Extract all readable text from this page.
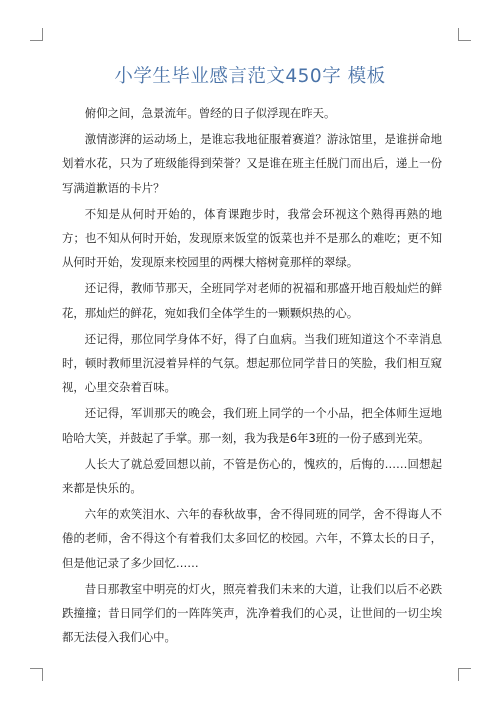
小学生毕业感言范文450字 模板

俯仰之间，急景流年。曾经的日子似浮现在昨天。

激情澎湃的运动场上，是谁忘我地征服着赛道？游泳馆里，是谁拼命地划着水花，只为了班级能得到荣誉？又是谁在班主任脱门而出后，递上一份写满道歉语的卡片？

不知是从何时开始的，体育课跑步时，我常会环视这个熟得再熟的地方；也不知从何时开始，发现原来饭堂的饭菜也并不是那么的难吃；更不知从何时开始，发现原来校园里的两棵大榕树竟那样的翠绿。

还记得，教师节那天，全班同学对老师的祝福和那盛开地百般灿烂的鲜花，那灿烂的鲜花，宛如我们全体学生的一颗颗炽热的心。

还记得，那位同学身体不好，得了白血病。当我们班知道这个不幸消息时，顿时教师里沉浸着异样的气氛。想起那位同学昔日的笑脸，我们相互窥视，心里交杂着百味。

还记得，军训那天的晚会，我们班上同学的一个小品，把全体师生逗地哈哈大笑，并鼓起了手掌。那一刻，我为我是6年3班的一份子感到光荣。

人长大了就总爱回想以前，不管是伤心的，愧疚的，后悔的……回想起来都是快乐的。

六年的欢笑泪水、六年的春秋故事，舍不得同班的同学，舍不得诲人不倦的老师，舍不得这个有着我们太多回忆的校园。六年，不算太长的日子，但是他记录了多少回忆……

昔日那教室中明亮的灯火，照亮着我们未来的大道，让我们以后不必跌跌撞撞；昔日同学们的一阵阵笑声，洗净着我们的心灵，让世间的一切尘埃都无法侵入我们心中。
